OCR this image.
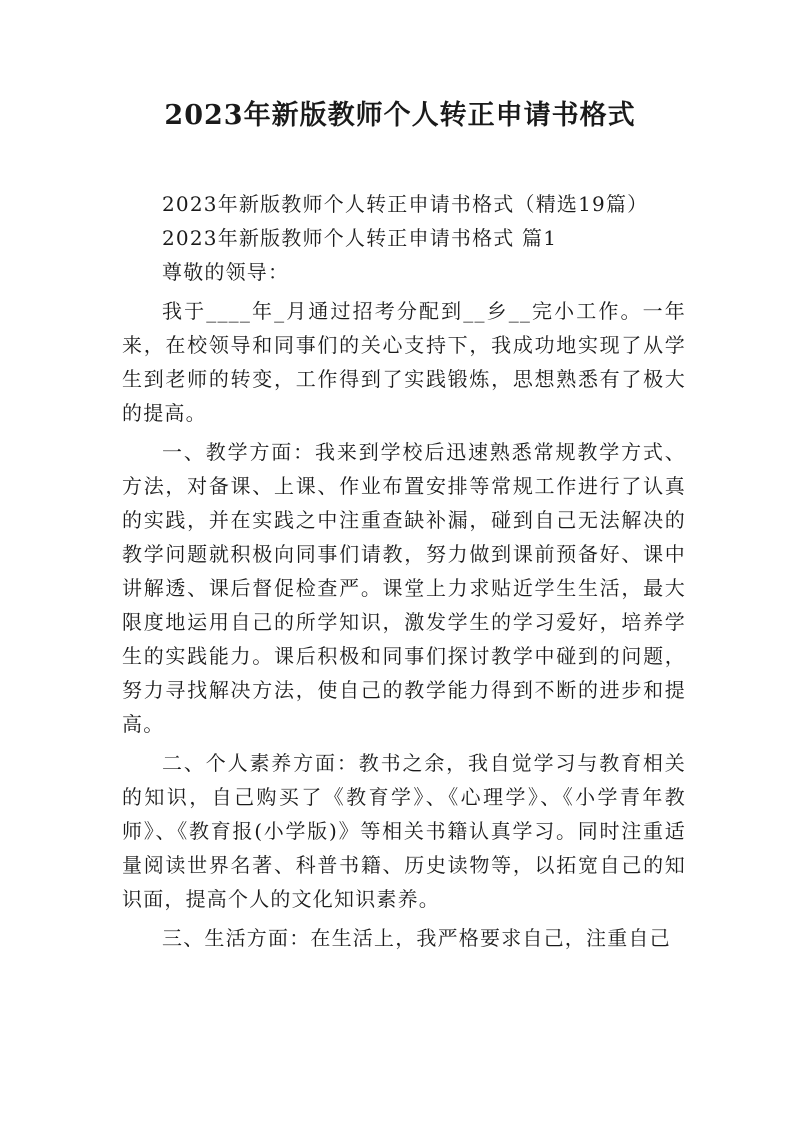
2023年新版教师个人转正申请书格式

2023年新版教师个人转正申请书格式（精选19篇）

2023年新版教师个人转正申请书格式 篇1

尊敬的领导：

我于____年_月通过招考分配到__乡__完小工作。一年来，在校领导和同事们的关心支持下，我成功地实现了从学生到老师的转变，工作得到了实践锻炼，思想熟悉有了极大的提高。

一、教学方面：我来到学校后迅速熟悉常规教学方式、方法，对备课、上课、作业布置安排等常规工作进行了认真的实践，并在实践之中注重查缺补漏，碰到自己无法解决的教学问题就积极向同事们请教，努力做到课前预备好、课中讲解透、课后督促检查严。课堂上力求贴近学生生活，最大限度地运用自己的所学知识，激发学生的学习爱好，培养学生的实践能力。课后积极和同事们探讨教学中碰到的问题，努力寻找解决方法，使自己的教学能力得到不断的进步和提高。

二、个人素养方面：教书之余，我自觉学习与教育相关的知识，自己购买了《教育学》、《心理学》、《小学青年教师》、《教育报(小学版)》等相关书籍认真学习。同时注重适量阅读世界名著、科普书籍、历史读物等，以拓宽自己的知识面，提高个人的文化知识素养。

三、生活方面：在生活上，我严格要求自己，注重自己
